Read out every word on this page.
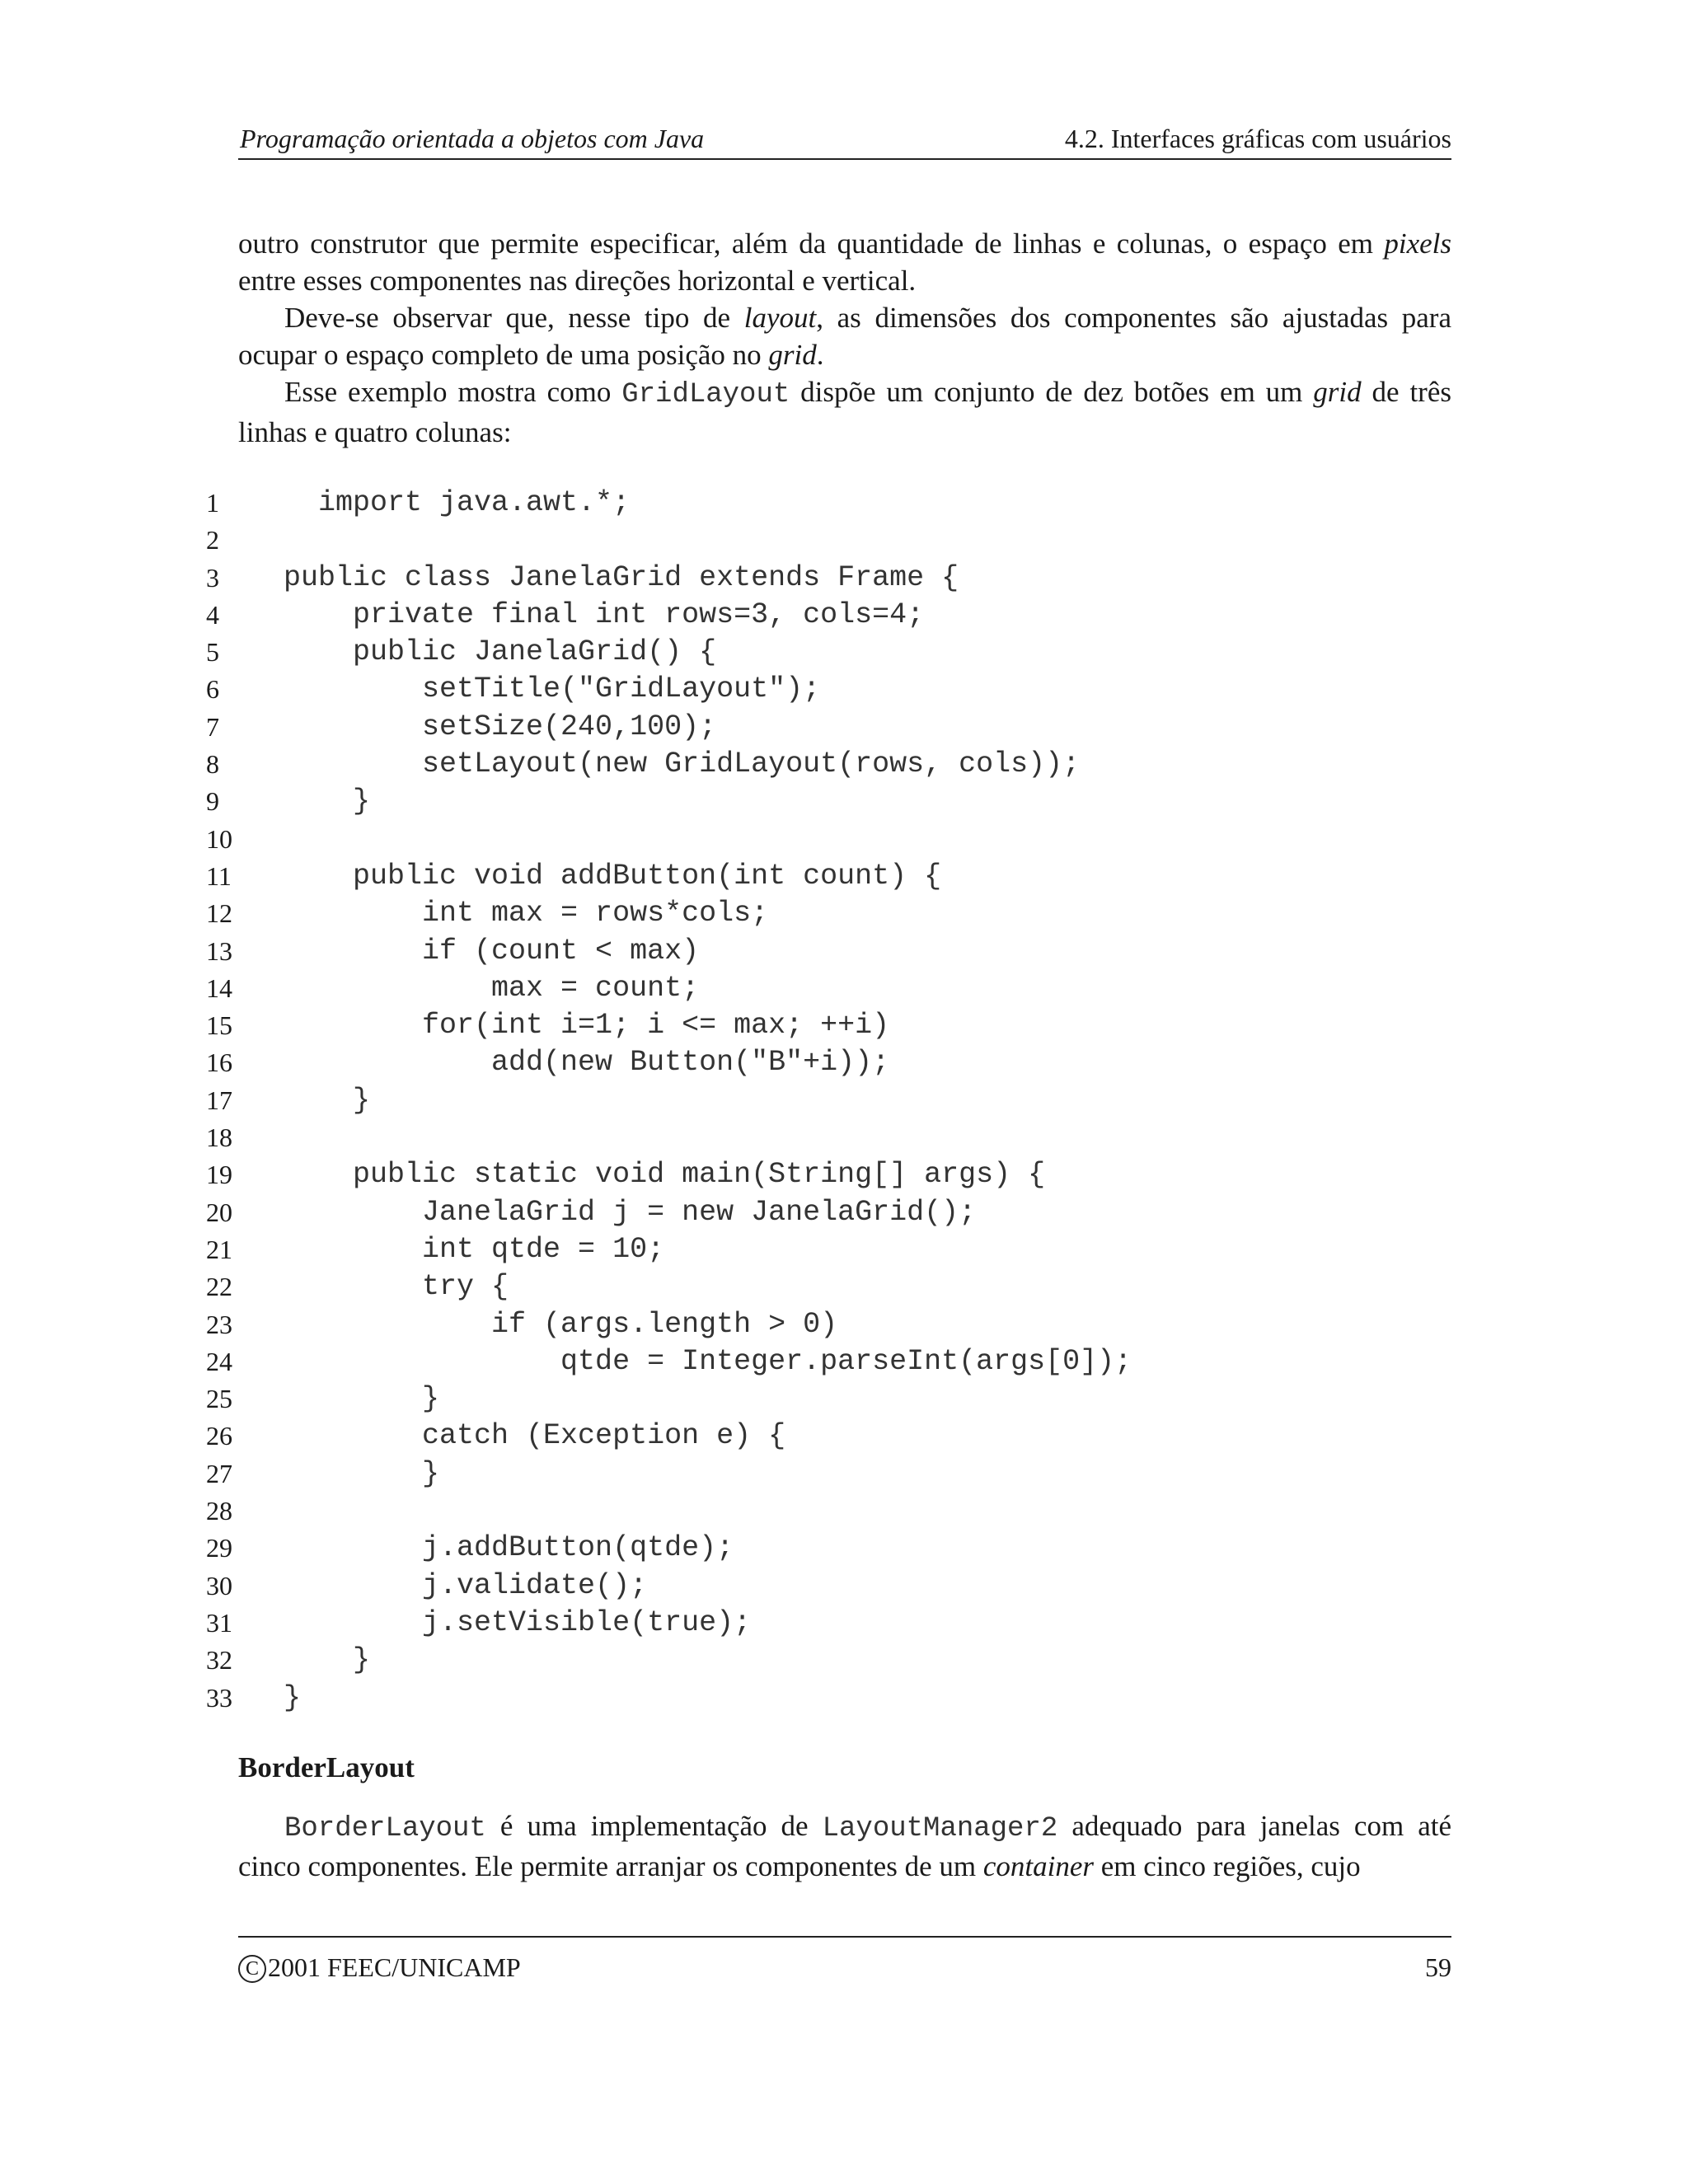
Programação orientada a objetos com Java	4.2. Interfaces gráficas com usuários

outro construtor que permite especificar, além da quantidade de linhas e colunas, o espaço em pixels entre esses componentes nas direções horizontal e vertical.

Deve-se observar que, nesse tipo de layout, as dimensões dos componentes são ajustadas para ocupar o espaço completo de uma posição no grid.

Esse exemplo mostra como GridLayout dispõe um conjunto de dez botões em um grid de três linhas e quatro colunas:

1	import java.awt.*;
2
3	public class JanelaGrid extends Frame {
4	private final int rows=3, cols=4;
5	public JanelaGrid() {
6	setTitle("GridLayout");
7	setSize(240,100);
8	setLayout(new GridLayout(rows, cols));
9	}
10
11 public void addButton(int count) {
12 int max = rows*cols;
13 if (count < max)
14 max = count;
15 for(int i=1; i <= max; ++i)
16 add(new Button("B"+i));
17 }
18
19 public static void main(String[] args) {
20 JanelaGrid j = new JanelaGrid();
21 int qtde = 10;
22 try {
23 if (args.length > 0)
24 qtde = Integer.parseInt(args[0]);
25 }
26 catch (Exception e) {
27 }
28
29 j.addButton(qtde);
30 j.validate();
31 j.setVisible(true);
32 }
33 }
BorderLayout

BorderLayout é uma implementação de LayoutManager2 adequado para janelas com até cinco componentes. Ele permite arranjar os componentes de um container em cinco regiões, cujo

C 2001 FEEC/UNICAMP	59
